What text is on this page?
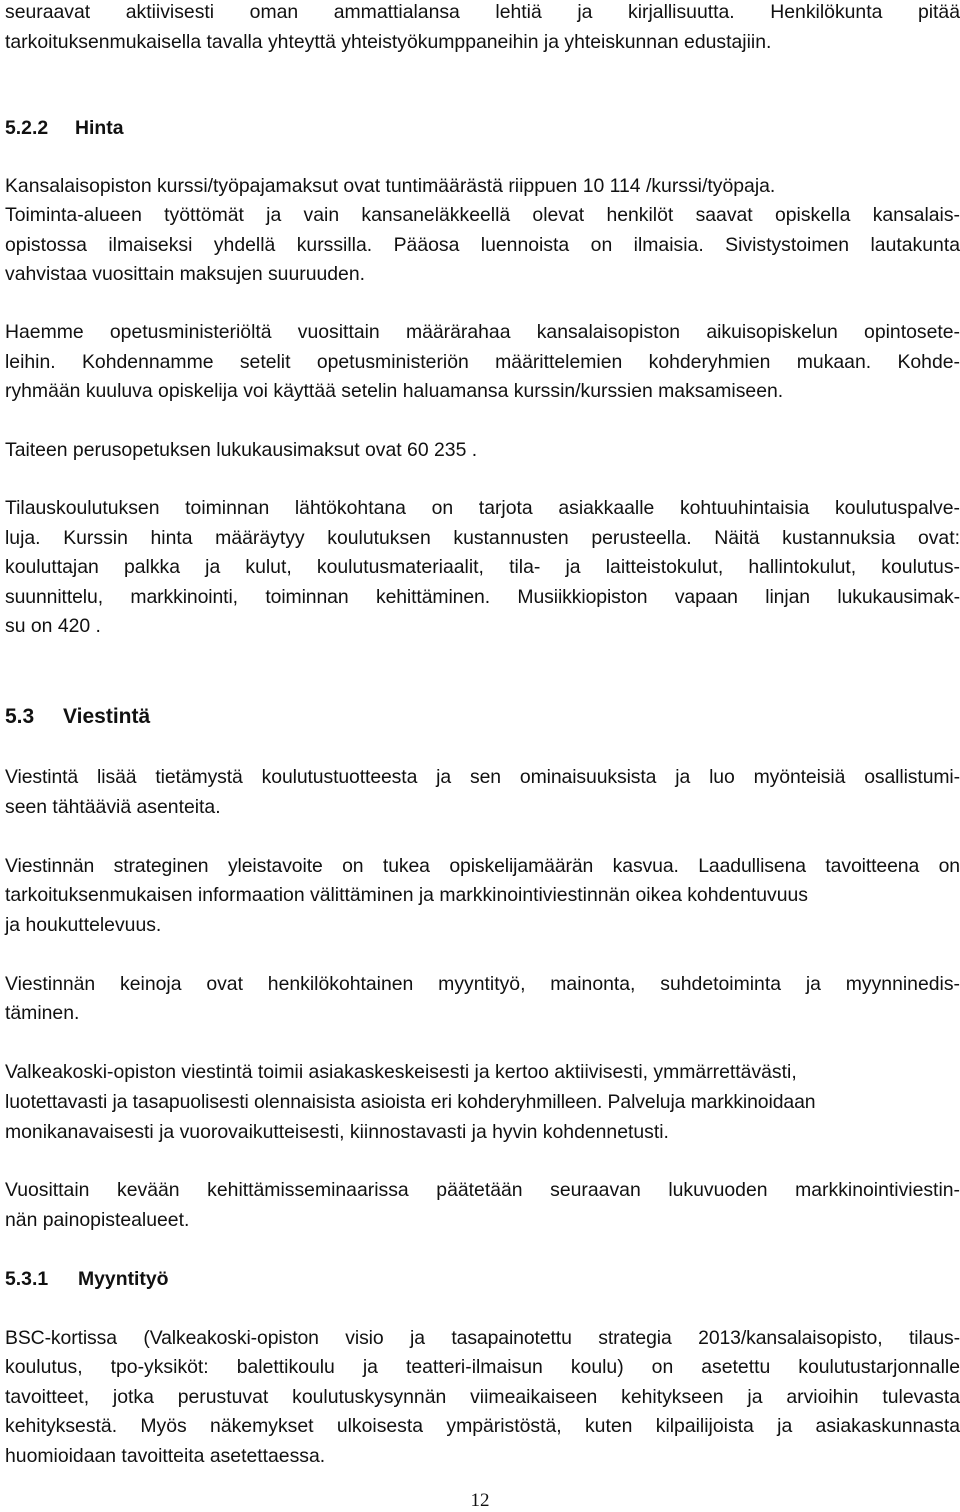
seuraavat aktiivisesti oman ammattialansa lehtiä ja kirjallisuutta. Henkilökunta pitää
tarkoituksenmukaisella tavalla yhteyttä yhteistyökumppaneihin ja yhteiskunnan edustajiin.
5.2.2 Hinta
Kansalaisopiston kurssi/työpajamaksut ovat tuntimäärästä riippuen 10 114 /kurssi/työpaja.
Toiminta-alueen työttömät ja vain kansaneläkkeellä olevat henkilöt saavat opiskella kansalais-
opistossa ilmaiseksi yhdellä kurssilla. Pääosa luennoista on ilmaisia. Sivistystoimen lautakunta
vahvistaa vuosittain maksujen suuruuden.
Haemme opetusministeriöltä vuosittain määrärahaa kansalaisopiston aikuisopiskelun opintosete-
leihin. Kohdennamme setelit opetusministeriön määrittelemien kohderyhmien mukaan. Kohde-
ryhmään kuuluva opiskelija voi käyttää setelin haluamansa kurssin/kurssien maksamiseen.
Taiteen perusopetuksen lukukausimaksut ovat 60 235 .
Tilauskoulutuksen toiminnan lähtökohtana on tarjota asiakkaalle kohtuuhintaisia koulutuspalve-
luja. Kurssin hinta määräytyy koulutuksen kustannusten perusteella. Näitä kustannuksia ovat:
kouluttajan palkka ja kulut, koulutusmateriaalit, tila- ja laitteistokulut, hallintokulut, koulutus-
suunnittelu, markkinointi, toiminnan kehittäminen. Musiikkiopiston vapaan linjan lukukausimak-
su on 420 .
5.3 Viestintä
Viestintä lisää tietämystä koulutustuotteesta ja sen ominaisuuksista ja luo myönteisiä osallistumi-
seen tähtääviä asenteita.
Viestinnän strateginen yleistavoite on tukea opiskelijamäärän kasvua. Laadullisena tavoitteena on
tarkoituksenmukaisen informaation välittäminen ja markkinointiviestinnän oikea kohdentuvuus
ja houkuttelevuus.
Viestinnän keinoja ovat henkilökohtainen myyntityö, mainonta, suhdetoiminta ja myynninedis-
täminen.
Valkeakoski-opiston viestintä toimii asiakaskeskeisesti ja kertoo aktiivisesti, ymmärrettävästi,
luotettavasti ja tasapuolisesti olennaisista asioista eri kohderyhmilleen. Palveluja markkinoidaan
monikanavaisesti ja vuorovaikutteisesti, kiinnostavasti ja hyvin kohdennetusti.
Vuosittain kevään kehittämisseminaarissa päätetään seuraavan lukuvuoden markkinointiviestin-
nän painopistealueet.
5.3.1 Myyntityö
BSC-kortissa (Valkeakoski-opiston visio ja tasapainotettu strategia 2013/kansalaisopisto, tilaus-
koulutus, tpo-yksiköt: balettikoulu ja teatteri-ilmaisun koulu) on asetettu koulutustarjonnalle
tavoitteet, jotka perustuvat koulutuskysynnän viimeaikaiseen kehitykseen ja arvioihin tulevasta
kehityksestä. Myös näkemykset ulkoisesta ympäristöstä, kuten kilpailijoista ja asiakaskunnasta
huomioidaan tavoitteita asetettaessa.
12
